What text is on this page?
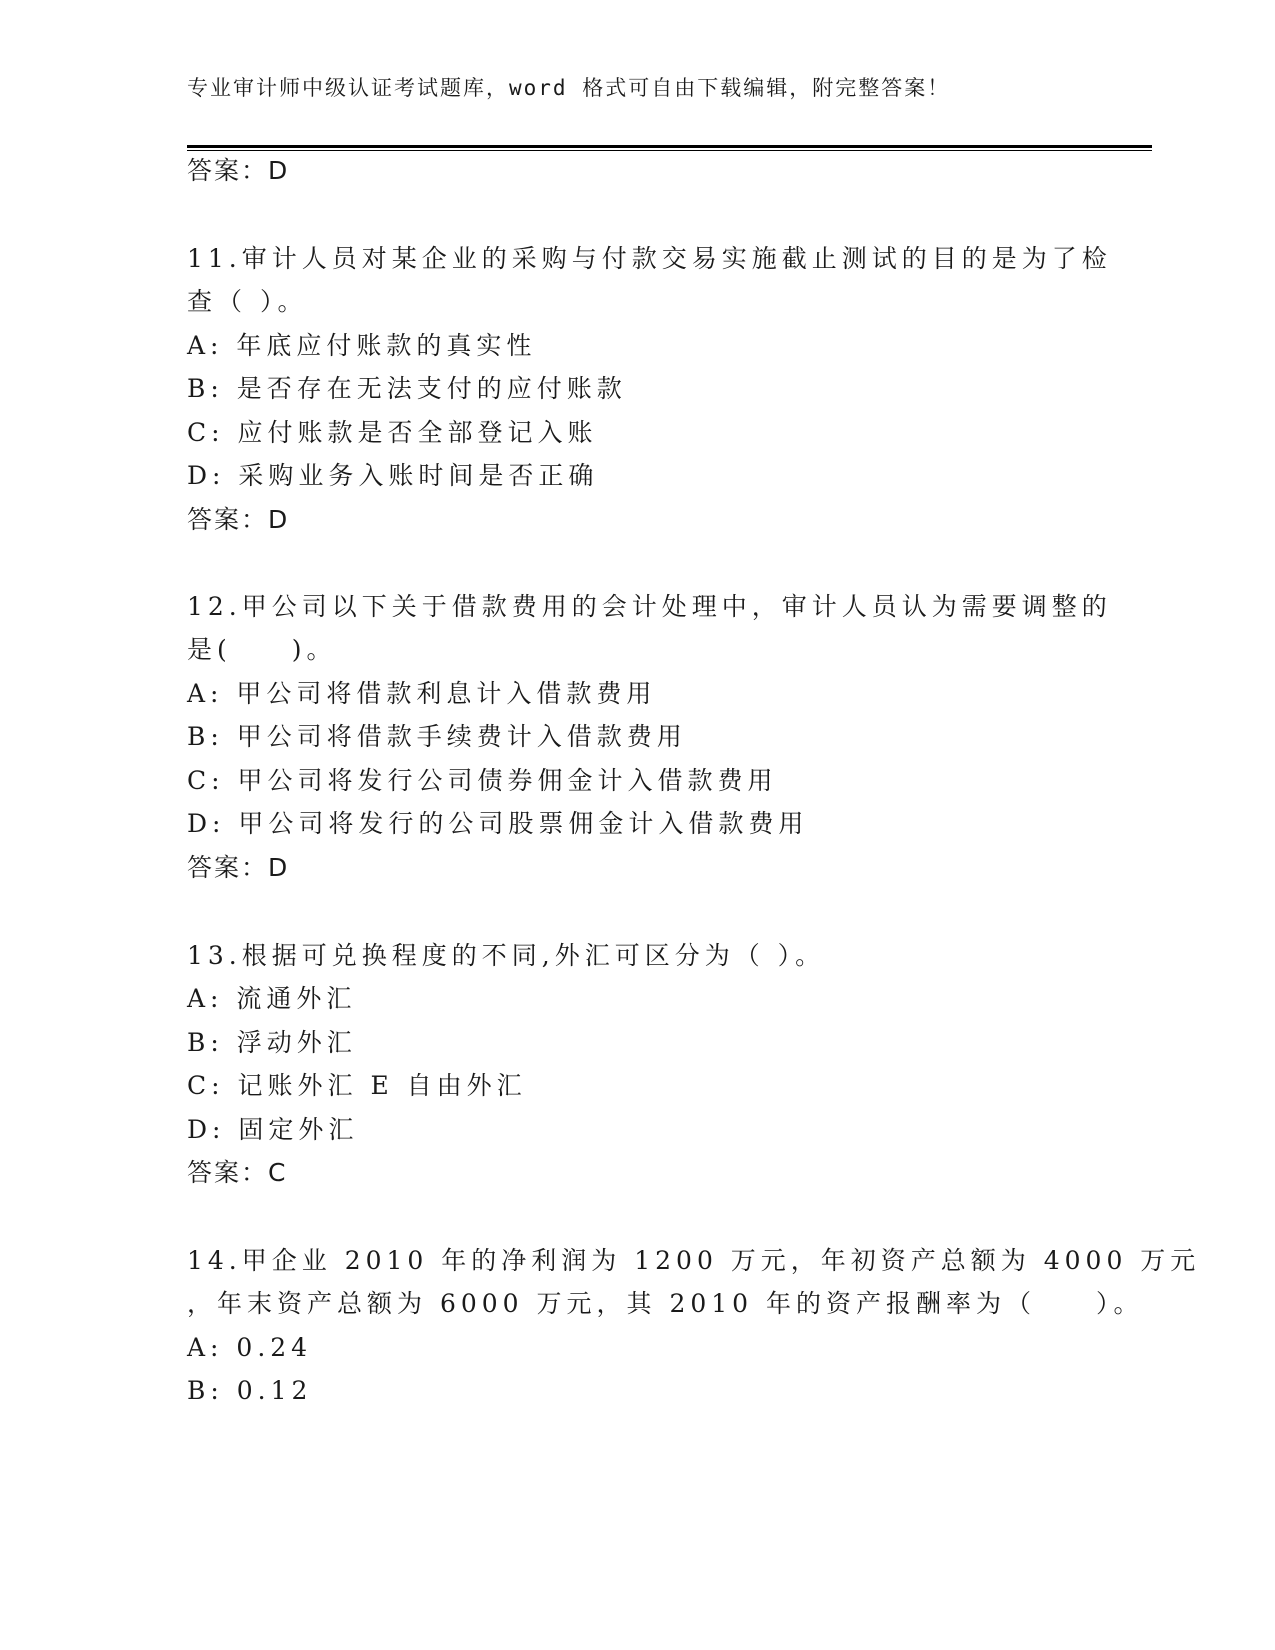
专业审计师中级认证考试题库，word 格式可自由下载编辑，附完整答案！
答案：D
11.审计人员对某企业的采购与付款交易实施截止测试的目的是为了检
查（ ）。
A: 年底应付账款的真实性
B: 是否存在无法支付的应付账款
C: 应付账款是否全部登记入账
D: 采购业务入账时间是否正确
答案：D
12.甲公司以下关于借款费用的会计处理中，审计人员认为需要调整的
是(　　)。
A: 甲公司将借款利息计入借款费用
B: 甲公司将借款手续费计入借款费用
C: 甲公司将发行公司债券佣金计入借款费用
D: 甲公司将发行的公司股票佣金计入借款费用
答案：D
13.根据可兑换程度的不同,外汇可区分为（ ）。
A: 流通外汇
B: 浮动外汇
C: 记账外汇 E 自由外汇
D: 固定外汇
答案：C
14.甲企业 2010 年的净利润为 1200 万元，年初资产总额为 4000 万元
，年末资产总额为 6000 万元，其 2010 年的资产报酬率为（　　）。
A: 0.24
B: 0.12
